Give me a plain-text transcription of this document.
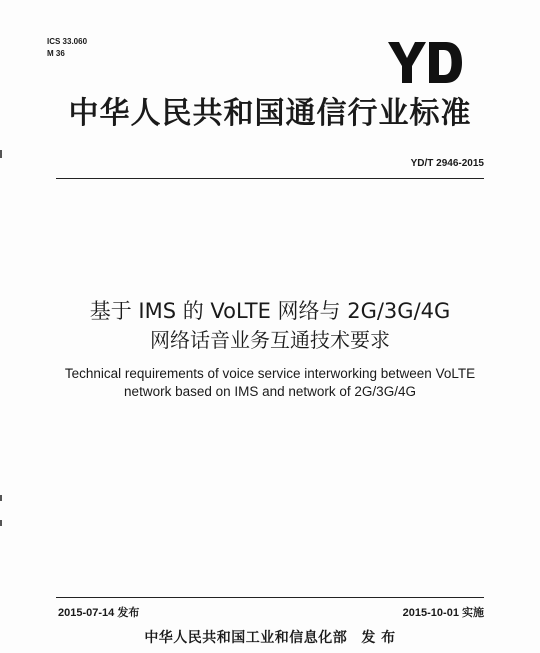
ICS 33.060
M 36
中华人民共和国通信行业标准
YD/T 2946-2015
基于 IMS 的 VoLTE 网络与 2G/3G/4G
网络话音业务互通技术要求
Technical requirements of voice service interworking between VoLTE
network based on IMS and network of 2G/3G/4G
2015-07-14 发布	2015-10-01 实施
中华人民共和国工业和信息化部 发 布
